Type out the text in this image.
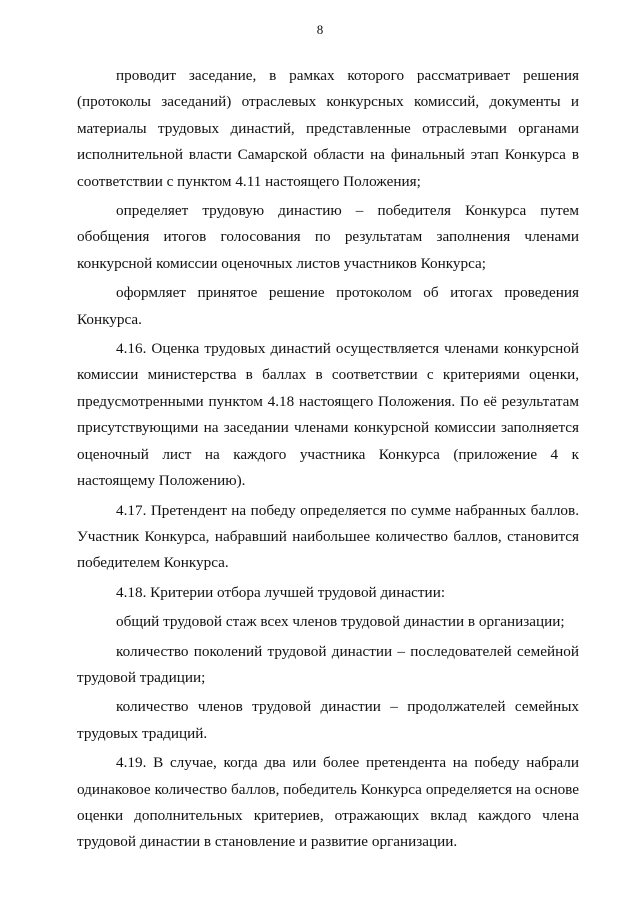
8

проводит заседание, в рамках которого рассматривает решения (протоколы заседаний) отраслевых конкурсных комиссий, документы и материалы трудовых династий, представленные отраслевыми органами исполнительной власти Самарской области на финальный этап Конкурса в соответствии с пунктом 4.11 настоящего Положения;

определяет трудовую династию – победителя Конкурса путем обобщения итогов голосования по результатам заполнения членами конкурсной комиссии оценочных листов участников Конкурса;

оформляет принятое решение протоколом об итогах проведения Конкурса.

4.16. Оценка трудовых династий осуществляется членами конкурсной комиссии министерства в баллах в соответствии с критериями оценки, предусмотренными пунктом 4.18 настоящего Положения. По её результатам присутствующими на заседании членами конкурсной комиссии заполняется оценочный лист на каждого участника Конкурса (приложение 4 к настоящему Положению).

4.17. Претендент на победу определяется по сумме набранных баллов. Участник Конкурса, набравший наибольшее количество баллов, становится победителем Конкурса.

4.18. Критерии отбора лучшей трудовой династии:

общий трудовой стаж всех членов трудовой династии в организации;

количество поколений трудовой династии – последователей семейной трудовой традиции;

количество членов трудовой династии – продолжателей семейных трудовых традиций.

4.19. В случае, когда два или более претендента на победу набрали одинаковое количество баллов, победитель Конкурса определяется на основе оценки дополнительных критериев, отражающих вклад каждого члена трудовой династии в становление и развитие организации.
